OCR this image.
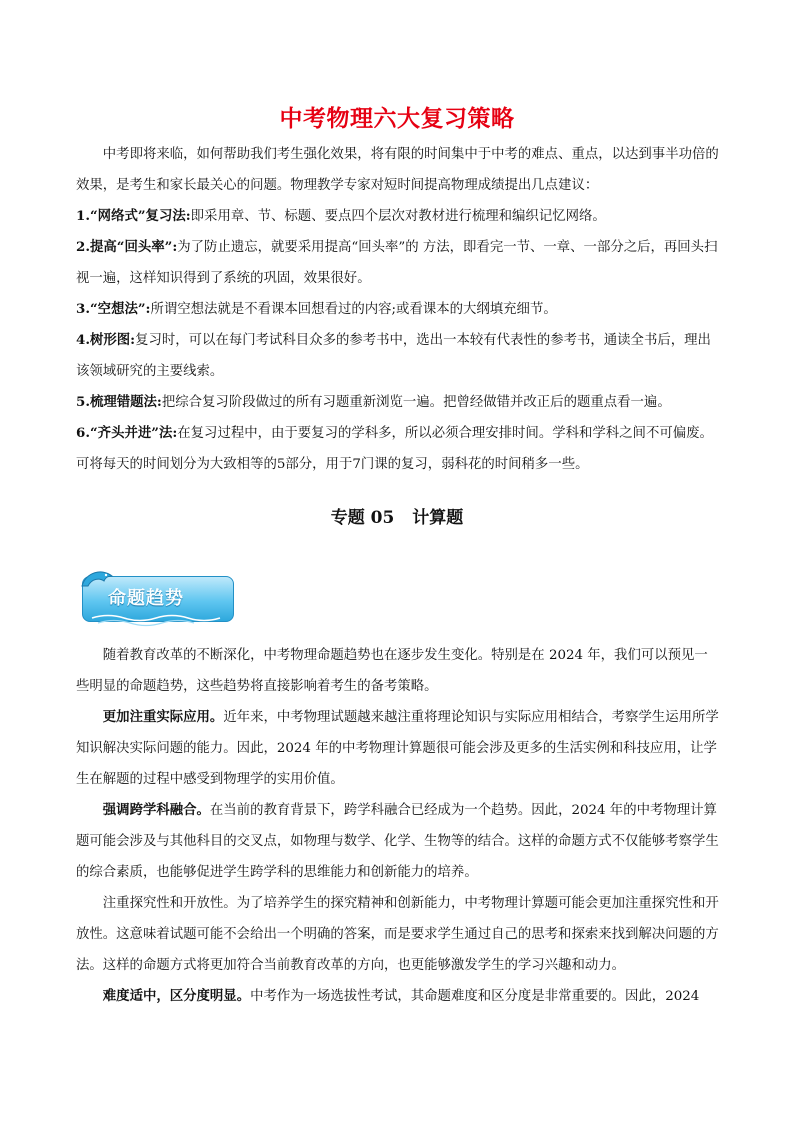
中考物理六大复习策略

中考即将来临，如何帮助我们考生强化效果，将有限的时间集中于中考的难点、重点，以达到事半功倍的效果，是考生和家长最关心的问题。物理教学专家对短时间提高物理成绩提出几点建议：

1.“网络式”复习法:即采用章、节、标题、要点四个层次对教材进行梳理和编织记忆网络。

2.提高“回头率”:为了防止遗忘，就要采用提高“回头率”的 方法，即看完一节、一章、一部分之后，再回头扫视一遍，这样知识得到了系统的巩固，效果很好。

3.“空想法”:所谓空想法就是不看课本回想看过的内容;或看课本的大纲填充细节。

4.树形图:复习时，可以在每门考试科目众多的参考书中，选出一本较有代表性的参考书，通读全书后，理出该领域研究的主要线索。

5.梳理错题法:把综合复习阶段做过的所有习题重新浏览一遍。把曾经做错并改正后的题重点看一遍。

6.“齐头并进”法:在复习过程中，由于要复习的学科多，所以必须合理安排时间。学科和学科之间不可偏废。可将每天的时间划分为大致相等的5部分，用于7门课的复习，弱科花的时间稍多一些。

专题 05 计算题
命题趋势

随着教育改革的不断深化，中考物理命题趋势也在逐步发生变化。特别是在 2024 年，我们可以预见一些明显的命题趋势，这些趋势将直接影响着考生的备考策略。

更加注重实际应用。近年来，中考物理试题越来越注重将理论知识与实际应用相结合，考察学生运用所学知识解决实际问题的能力。因此，2024 年的中考物理计算题很可能会涉及更多的生活实例和科技应用，让学生在解题的过程中感受到物理学的实用价值。

强调跨学科融合。在当前的教育背景下，跨学科融合已经成为一个趋势。因此，2024 年的中考物理计算题可能会涉及与其他科目的交叉点，如物理与数学、化学、生物等的结合。这样的命题方式不仅能够考察学生的综合素质，也能够促进学生跨学科的思维能力和创新能力的培养。

注重探究性和开放性。为了培养学生的探究精神和创新能力，中考物理计算题可能会更加注重探究性和开放性。这意味着试题可能不会给出一个明确的答案，而是要求学生通过自己的思考和探索来找到解决问题的方法。这样的命题方式将更加符合当前教育改革的方向，也更能够激发学生的学习兴趣和动力。

难度适中，区分度明显。中考作为一场选拔性考试，其命题难度和区分度是非常重要的。因此，2024
